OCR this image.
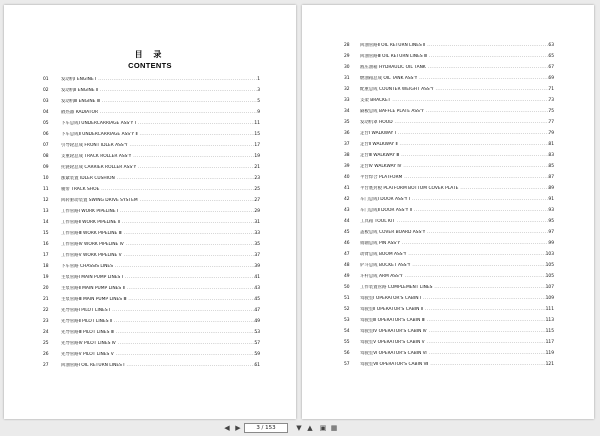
目 录
CONTENTS
01	发动机Ⅰ ENGINE Ⅰ .....	1
02	发动机Ⅱ ENGINE Ⅱ .....	3
03	发动机Ⅲ ENGINE Ⅲ .....	5
04	散热器 RADIATOR .....	9
05	下车总成Ⅰ UNDERCARRIAGE ASS'Y Ⅰ .....	11
06	下车总成Ⅱ UNDERCARRIAGE ASS'Y Ⅱ .....	15
07	引导轮总成 FRONT IDLER ASS'Y .....	17
08	支重轮总成 TRACK ROLLER ASS'Y .....	19
09	托链轮总成 CARRIER ROLLER ASS'Y .....	21
10	涨紧装置 IDLER CUSHION .....	23
11	履带 TRACK SHOE .....	25
12	回转驱动装置 SWING DRIVE SYSTEM .....	27
13	工作管路Ⅰ WORK PIPELINE Ⅰ .....	29
14	工作管路Ⅱ WORK PIPELINE Ⅱ .....	31
15	工作管路Ⅲ WORK PIPELINE Ⅲ .....	33
16	工作管路Ⅳ WORK PIPELINE Ⅳ .....	35
17	工作管路Ⅴ WORK PIPELINE Ⅴ .....	37
18	下车管路 CHASSIS LINES .....	39
19	主泵管路Ⅰ MAIN PUMP LINES Ⅰ .....	41
20	主泵管路Ⅱ MAIN PUMP LINES Ⅱ .....	43
21	主泵管路Ⅲ MAIN PUMP LINES Ⅲ .....	45
22	先导管路Ⅰ PILOT LINES Ⅰ .....	47
23	先导管路Ⅱ PILOT LINES Ⅱ .....	49
24	先导管路Ⅲ PILOT LINES Ⅲ .....	53
25	先导管路Ⅳ PILOT LINES Ⅳ .....	57
26	先导管路Ⅴ PILOT LINES Ⅴ .....	59
27	回油管路Ⅰ OIL RETURN LINES Ⅰ .....	61
28 回油管路Ⅱ OIL RETURN LINES Ⅱ .....	63
29 回油管路Ⅲ OIL RETURN LINES Ⅲ .....	65
30 液压油箱 HYDRAULIC OIL TANK .....	67
31 燃油箱总成 OIL TANK ASS'Y .....	69
32 配重总成 COUNTER WEIGHT ASS'Y .....	71
33 支架 BRACKET .....	73
34 隔板总成 BAFFLE PLATE ASS'Y .....	75
35 发动机罩 HOOD .....	77
36 走台Ⅰ WALKWAY Ⅰ .....	79
37 走台Ⅱ WALKWAY Ⅱ .....	81
38 走台Ⅲ WALKWAY Ⅲ .....	83
39 走台Ⅳ WALKWAY Ⅳ .....	85
40 平台焊合 PLATFORM .....	87
41 平台底封板 PLATFORM BOTTOM COVER PLATE .....	89
42 车门总成Ⅰ DOOR ASS'Y Ⅰ .....	91
43 车门总成Ⅱ DOOR ASS'Y Ⅱ .....	93
44 工具箱 TOOL KIT .....	95
45 盖板总成 COVER BOARD ASS'Y .....	97
46 销轴总成 PIN ASS'Y .....	99
47 动臂总成 BOOM ASS'Y .....	103
48 铲斗总成 BUCKET ASS'Y .....	105
49 斗杆总成 ARM ASS'Y .....	105
50 工作装置管路 COMPLEMENT LINES .....	107
51 驾驶室Ⅰ OPERATOR'S CABIN Ⅰ .....	109
52 驾驶室Ⅱ OPERATOR'S CABIN Ⅱ .....	111
53 驾驶室Ⅲ OPERATOR'S CABIN Ⅲ .....	113
54 驾驶室Ⅳ OPERATOR'S CABIN Ⅳ .....	115
55 驾驶室Ⅴ OPERATOR'S CABIN Ⅴ .....	117
56 驾驶室Ⅵ OPERATOR'S CABIN Ⅵ .....	119
57 驾驶室Ⅶ OPERATOR'S CABIN Ⅶ .....	121
◀ ▶	3 / 153	▼ ▲	▣ ▦
